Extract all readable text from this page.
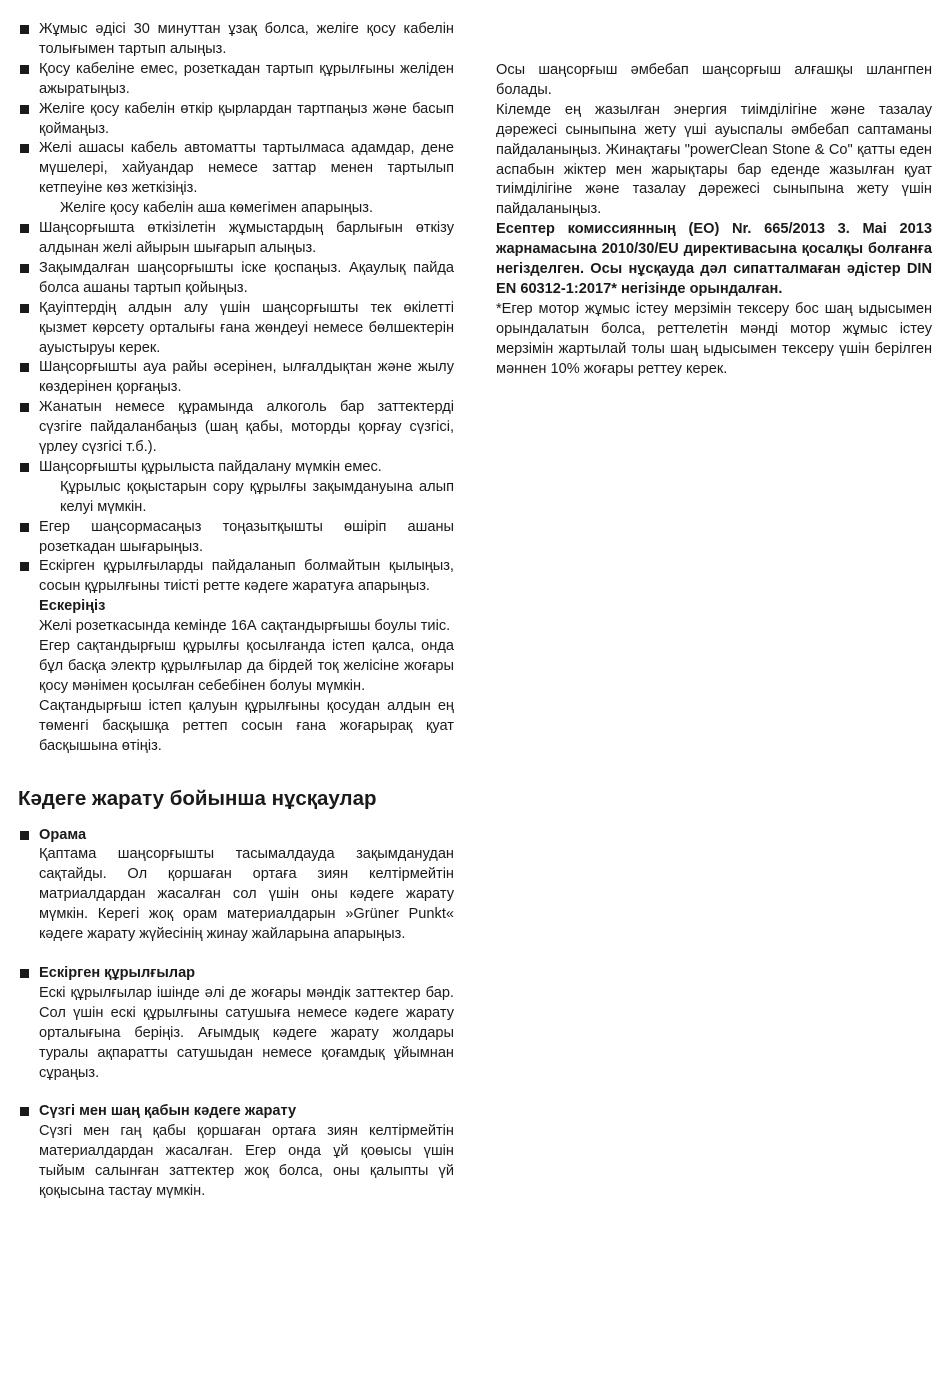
Жұмыс әдісі 30 минуттан ұзақ болса, желіге қосу кабелін толығымен тартып алыңыз.

Қосу кабеліне емес, розеткадан тартып құрылғыны желіден ажыратыңыз.

Желіге қосу кабелін өткір қырлардан тартпаңыз және басып қоймаңыз.

Желі ашасы кабель автоматты тартылмаса адамдар, дене мүшелері, хайуандар немесе заттар менен тартылып кетпеуіне көз жеткізіңіз.

Желіге қосу кабелін аша көмегімен апарыңыз.

Шаңсорғышта өткізілетін жұмыстардың барлығын өткізу алдынан желі айырын шығарып алыңыз.

Зақымдалған шаңсорғышты іске қоспаңыз. Ақаулық пайда болса ашаны тартып қойыңыз.

Қауіптердің алдын алу үшін шаңсорғышты тек өкілетті қызмет көрсету орталығы ғана жөндеуі немесе бөлшектерін ауыстыруы керек.

Шаңсорғышты ауа райы әсерінен, ылғалдықтан және жылу көздерінен қорғаңыз.

Жанатын немесе құрамында алкоголь бар заттектерді сүзгіге пайдаланбаңыз (шаң қабы, моторды қорғау сүзгісі, үрлеу сүзгісі т.б.).

Шаңсорғышты құрылыста пайдалану мүмкін емес.

Құрылыс қоқыстарын сору құрылғы зақымдануына алып келуі мүмкін.

Егер шаңсормасаңыз тоңазытқышты өшіріп ашаны розеткадан шығарыңыз.

Ескірген құрылғыларды пайдаланып болмайтын қылыңыз, сосын құрылғыны тиісті ретте кәдеге жаратуға апарыңыз.

Ескеріңіз

Желі розеткасында кемінде 16А сақтандырғышы боулы тиіс.

Егер сақтандырғыш құрылғы қосылғанда істеп қалса, онда бұл басқа электр құрылғылар да бірдей тоқ желісіне жоғары қосу мәнімен қосылған себебінен болуы мүмкін.

Сақтандырғыш істеп қалуын құрылғыны қосудан алдын ең төменгі басқышқа реттеп сосын ғана жоғарырақ қуат басқышына өтіңіз.

Кәдеге жарату бойынша нұсқаулар

Орама

Қаптама шаңсорғышты тасымалдауда зақымданудан сақтайды. Ол қоршаған ортаға зиян келтірмейтін матриалдардан жасалған сол үшін оны кәдеге жарату мүмкін. Керегі жоқ орам материалдарын »Grüner Punkt« кәдеге жарату жүйесінің жинау жайларына апарыңыз.

Ескірген құрылғылар

Ескі құрылғылар ішінде әлі де жоғары мәндік заттектер бар. Сол үшін ескі құрылғыны сатушыға немесе кәдеге жарату орталығына беріңіз. Ағымдық кәдеге жарату жолдары туралы ақпаратты сатушыдан немесе қоғамдық ұйымнан сұраңыз.

Сүзгі мен шаң қабын кәдеге жарату

Сүзгі мен гаң қабы қоршаған ортаға зиян келтірмейтін материалдардан жасалған. Егер онда ұй қоөысы үшін тыйым салынған заттектер жоқ болса, оны қалыпты үй қоқысына тастау мүмкін.

Осы шаңсорғыш әмбебап шаңсорғыш алғашқы шлангпен болады.

Кілемде ең жазылған энергия тиімділігіне және тазалау дәрежесі сыныпына жету үші ауыспалы әмбебап саптаманы пайдаланыңыз. Жинақтағы "powerClean Stone & Co" қатты еден аспабын жіктер мен жарықтары бар еденде жазылған қуат тиімділігіне және тазалау дәрежесі сыныпына жету үшін пайдаланыңыз.

Есептер комиссиянның (ЕО) Nr. 665/2013 3. Mai 2013 жарнамасына 2010/30/EU директивасына қосалқы болғанға негізделген. Осы нұсқауда дәл сипатталмаған әдістер DIN EN 60312-1:2017* негізінде орындалған.

*Егер мотор жұмыс істеу мерзімін тексеру бос шаң ыдысымен орындалатын болса, реттелетін мәнді мотор жұмыс істеу мерзімін жартылай толы шаң ыдысымен тексеру үшін берілген мәннен 10% жоғары реттеу керек.
